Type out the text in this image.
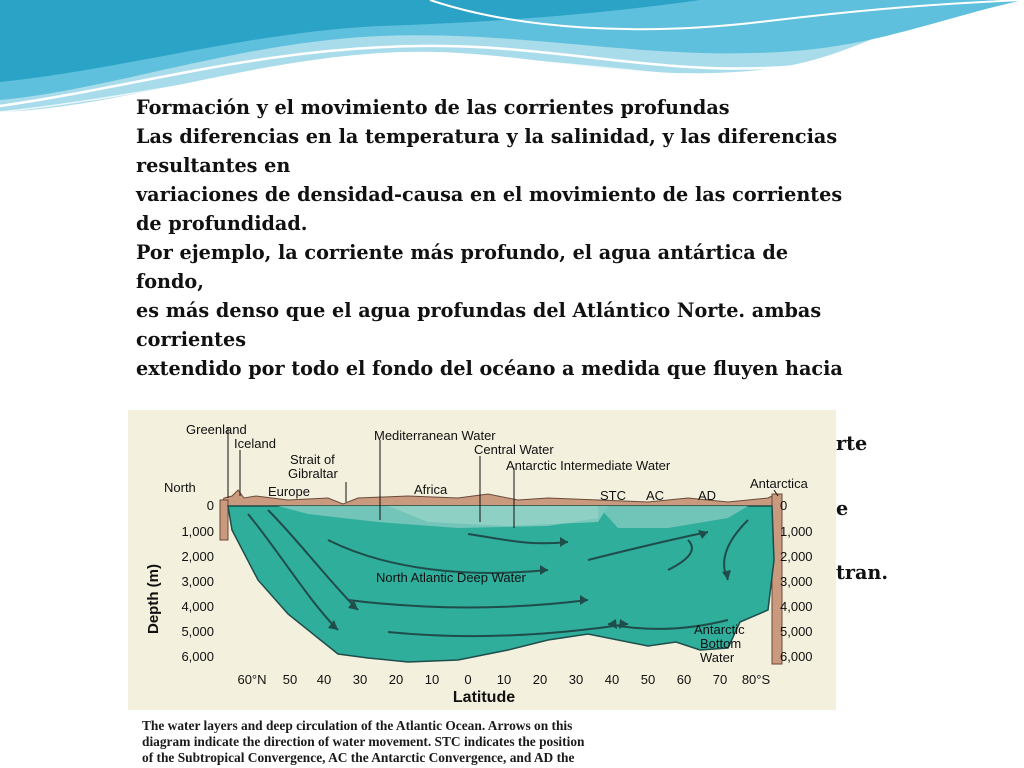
Formación y el movimiento de las corrientes profundas
Las diferencias en la temperatura y la salinidad, y las diferencias
resultantes en
variaciones de densidad-causa en el movimiento de las corrientes
de profundidad.
Por ejemplo, la corriente más profundo, el agua antártica de
fondo,
es más denso que el agua profundas del Atlántico Norte. ambas
corrientes
extendido por todo el fondo del océano a medida que fluyen hacia
rte
e
tran.
Greenland
Iceland
Strait of
Gibraltar
Mediterranean Water
Central Water
Antarctic Intermediate Water
North	Antarctica
Europe	Africa	STC AC	AD
North Atlantic Deep Water
Antarctic
Bottom
Water
0
1,000
2,000
3,000
4,000
5,000
6,000
0
1,000
2,000
3,000
4,000
5,000
6,000
Depth (m)
60°N 50 40 30 20 10 0 10 20 30 40 50 60 70 80°S
Latitude
The water layers and deep circulation of the Atlantic Ocean. Arrows on this
diagram indicate the direction of water movement. STC indicates the position
of the Subtropical Convergence, AC the Antarctic Convergence, and AD the
